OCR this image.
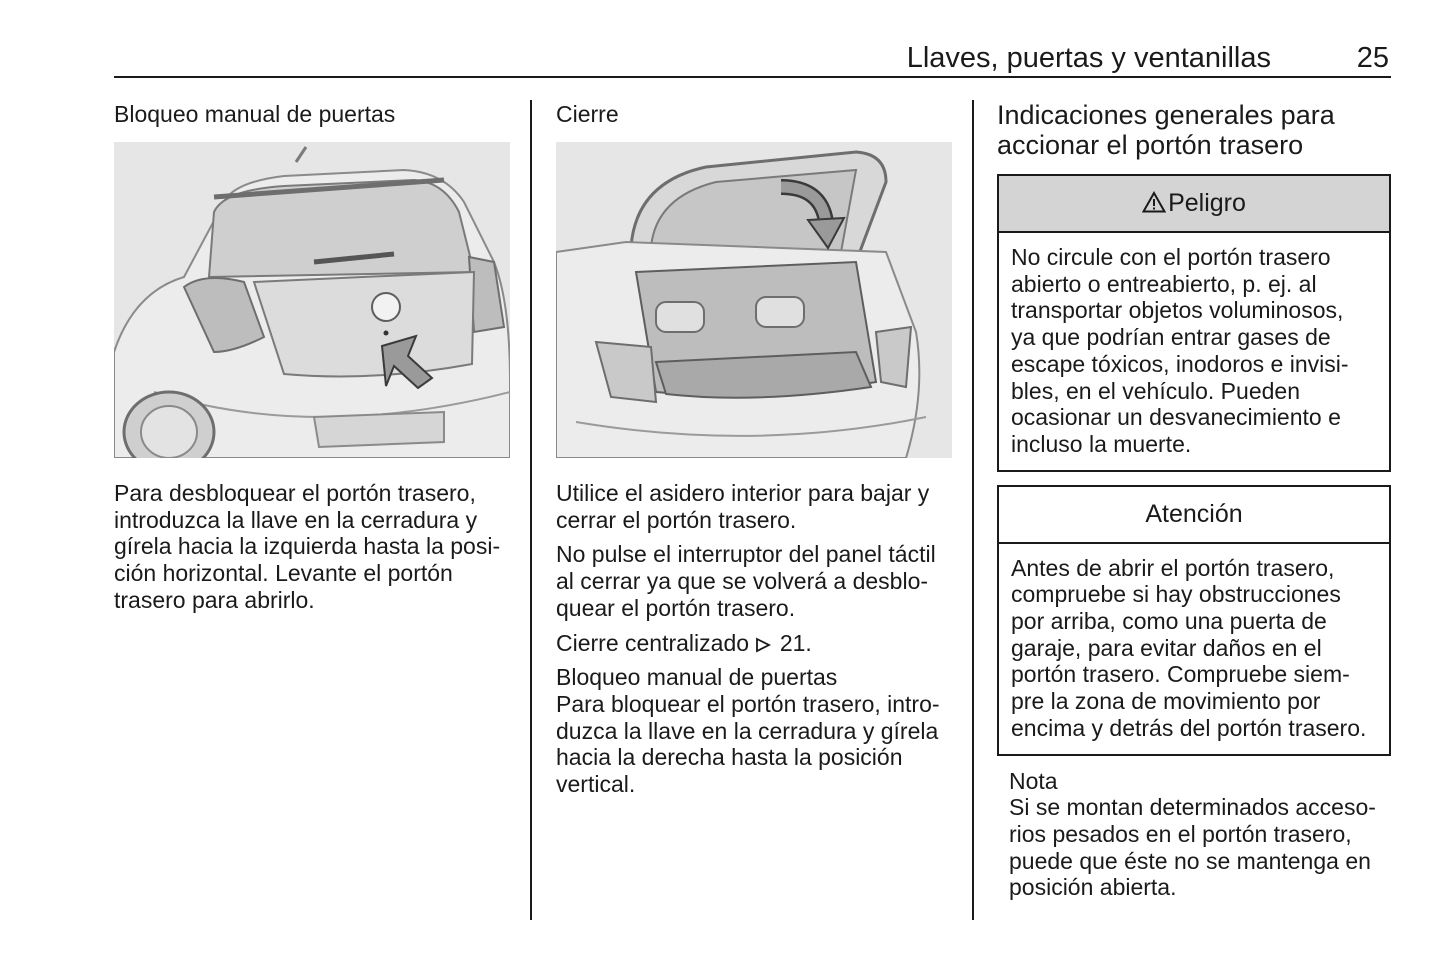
Llaves, puertas y ventanillas	25

Bloqueo manual de puertas

Para desbloquear el portón trasero,

introduzca la llave en la cerradura y

gírela hacia la izquierda hasta la posi-

ción horizontal. Levante el portón

trasero para abrirlo.

Cierre

Utilice el asidero interior para bajar y

cerrar el portón trasero.

No pulse el interruptor del panel táctil

al cerrar ya que se volverá a desblo-

quear el portón trasero.

Cierre centralizado 21.

Bloqueo manual de puertas

Para bloquear el portón trasero, intro-

duzca la llave en la cerradura y gírela

hacia la derecha hasta la posición

vertical.

Indicaciones generales para

accionar el portón trasero

Peligro
No circule con el portón trasero
abierto o entreabierto, p. ej. al
transportar objetos voluminosos,
ya que podrían entrar gases de
escape tóxicos, inodoros e invisi-
bles, en el vehículo. Pueden
ocasionar un desvanecimiento e
incluso la muerte.
Atención
Antes de abrir el portón trasero,
compruebe si hay obstrucciones
por arriba, como una puerta de
garaje, para evitar daños en el
portón trasero. Compruebe siem-
pre la zona de movimiento por
encima y detrás del portón trasero.
Nota
Si se montan determinados acceso-
rios pesados en el portón trasero,
puede que éste no se mantenga en
posición abierta.
